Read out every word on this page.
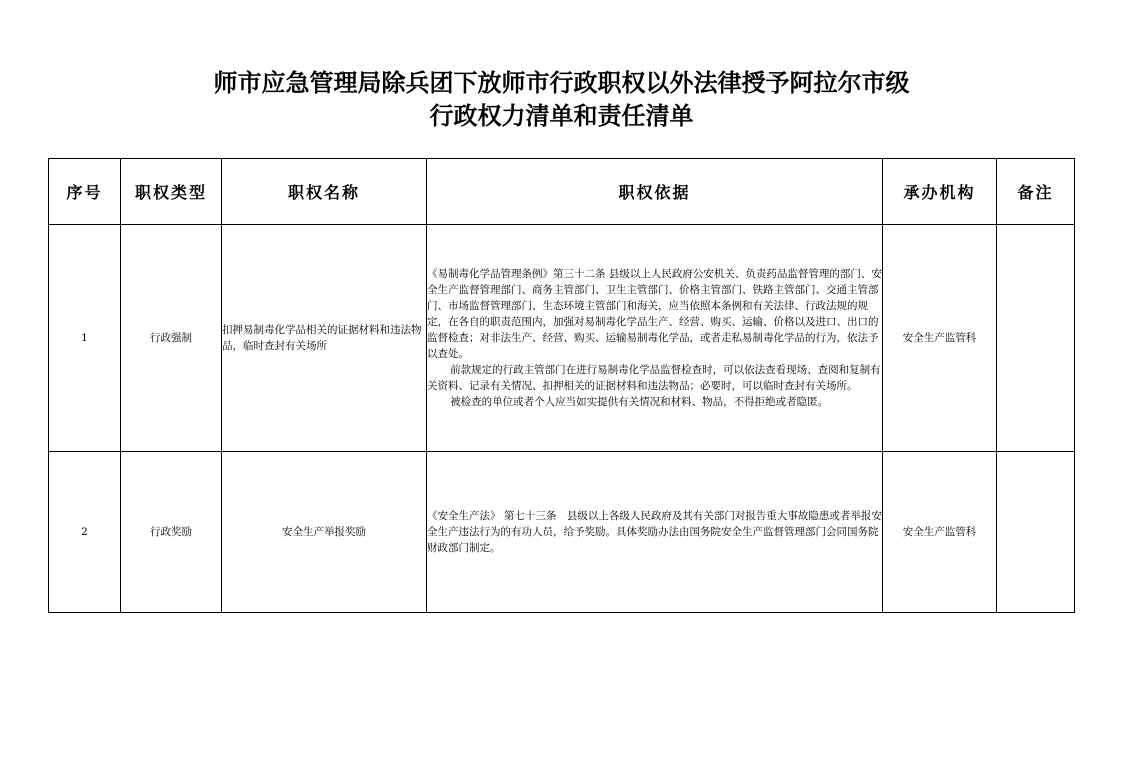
师市应急管理局除兵团下放师市行政职权以外法律授予阿拉尔市级
行政权力清单和责任清单
序号	职权类型	职权名称	职权依据	承办机构	备注
1	行政强制	扣押易制毒化学品相关的证据材料和违法物品，临时查封有关场所	《易制毒化学品管理条例》第三十二条 县级以上人民政府公安机关、负责药品监督管理的部门、安全生产监督管理部门、商务主管部门、卫生主管部门、价格主管部门、铁路主管部门、交通主管部门、市场监督管理部门、生态环境主管部门和海关，应当依照本条例和有关法律、行政法规的规定，在各自的职责范围内，加强对易制毒化学品生产、经营、购买、运输、价格以及进口、出口的监督检查；对非法生产、经营、购买、运输易制毒化学品，或者走私易制毒化学品的行为，依法予以查处。
前款规定的行政主管部门在进行易制毒化学品监督检查时，可以依法查看现场、查阅和复制有关资料、记录有关情况、扣押相关的证据材料和违法物品；必要时，可以临时查封有关场所。
被检查的单位或者个人应当如实提供有关情况和材料、物品，不得拒绝或者隐匿。	安全生产监管科	
2	行政奖励	安全生产举报奖励	《安全生产法》 第七十三条　县级以上各级人民政府及其有关部门对报告重大事故隐患或者举报安全生产违法行为的有功人员，给予奖励。具体奖励办法由国务院安全生产监督管理部门会同国务院财政部门制定。	安全生产监管科	
